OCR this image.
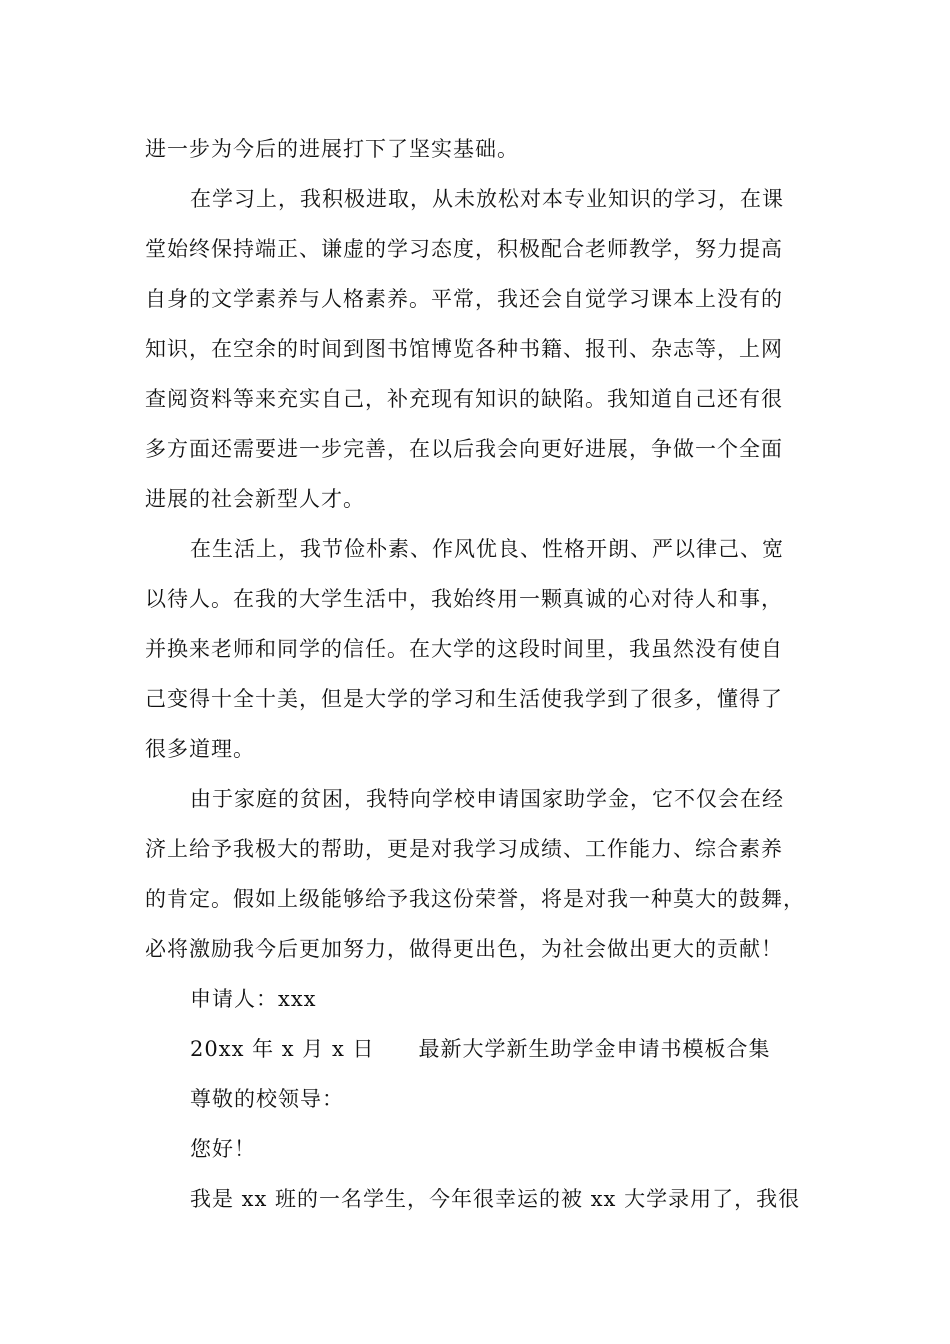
进一步为今后的进展打下了坚实基础。
在学习上，我积极进取，从未放松对本专业知识的学习，在课
堂始终保持端正、谦虚的学习态度，积极配合老师教学，努力提高
自身的文学素养与人格素养。平常，我还会自觉学习课本上没有的
知识，在空余的时间到图书馆博览各种书籍、报刊、杂志等，上网
查阅资料等来充实自己，补充现有知识的缺陷。我知道自己还有很
多方面还需要进一步完善，在以后我会向更好进展，争做一个全面
进展的社会新型人才。
在生活上，我节俭朴素、作风优良、性格开朗、严以律己、宽
以待人。在我的大学生活中，我始终用一颗真诚的心对待人和事，
并换来老师和同学的信任。在大学的这段时间里，我虽然没有使自
己变得十全十美，但是大学的学习和生活使我学到了很多，懂得了
很多道理。
由于家庭的贫困，我特向学校申请国家助学金，它不仅会在经
济上给予我极大的帮助，更是对我学习成绩、工作能力、综合素养
的肯定。假如上级能够给予我这份荣誉，将是对我一种莫大的鼓舞，
必将激励我今后更加努力，做得更出色，为社会做出更大的贡献！
申请人：xxx
20xx 年 x 月 x 日　　最新大学新生助学金申请书模板合集
尊敬的校领导：
您好！
我是 xx 班的一名学生，今年很幸运的被 xx 大学录用了，我很
